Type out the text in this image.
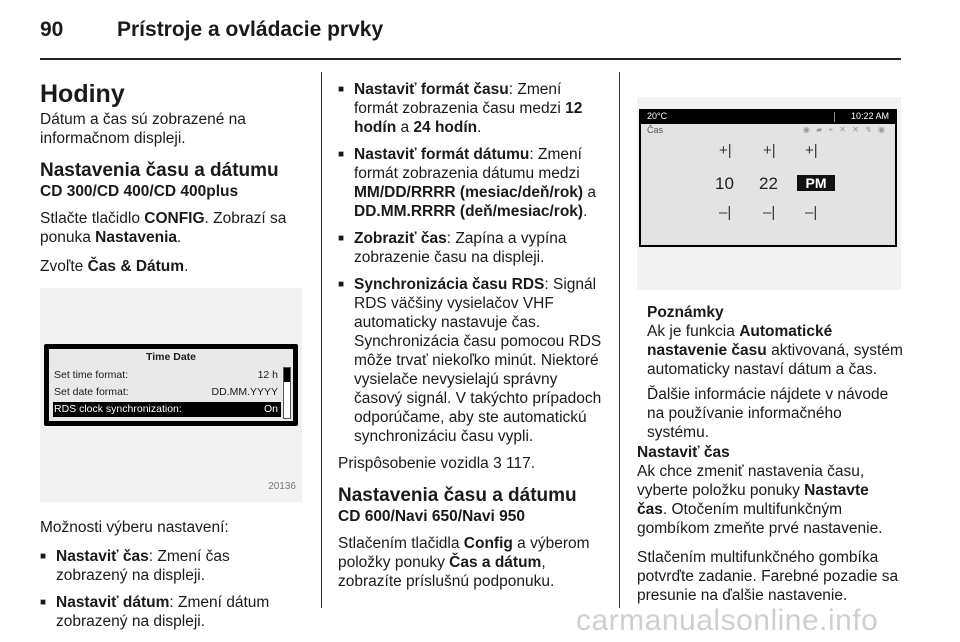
90	Prístroje a ovládacie prvky
Hodiny

Dátum a čas sú zobrazené na informačnom displeji.

Nastavenia času a dátumu
CD 300/CD 400/CD 400plus

Stlačte tlačidlo CONFIG. Zobrazí sa ponuka Nastavenia.

Zvoľte Čas & Dátum.

Time Date
Set time format:	12 h
Set date format:	DD.MM.YYYY
RDS clock synchronization:	On
20136

Možnosti výberu nastavení:

■ Nastaviť čas: Zmení čas zobrazený na displeji.
■ Nastaviť dátum: Zmení dátum zobrazený na displeji.
■ Nastaviť formát času: Zmení formát zobrazenia času medzi 12 hodín a 24 hodín.
■ Nastaviť formát dátumu: Zmení formát zobrazenia dátumu medzi MM/DD/RRRR (mesiac/deň/rok) a DD.MM.RRRR (deň/mesiac/rok).
■ Zobraziť čas: Zapína a vypína zobrazenie času na displeji.
■ Synchronizácia času RDS: Signál RDS väčšiny vysielačov VHF automaticky nastavuje čas. Synchronizácia času pomocou RDS môže trvať niekoľko minút. Niektoré vysielače nevysielajú správny časový signál. V takýchto prípadoch odporúčame, aby ste automatickú synchronizáciu času vypli.

Prispôsobenie vozidla 3 117.

Nastavenia času a dátumu
CD 600/Navi 650/Navi 950

Stlačením tlačidla Config a výberom položky ponuky Čas a dátum, zobrazíte príslušnú podponuku.

20°C	10:22 AM
Čas	◉ ▰ ⌖ ✕ ✕ ↯ ◉
+| +| +|
10 22	PM
–| –| –|

Poznámky

Ak je funkcia Automatické nastavenie času aktivovaná, systém automaticky nastaví dátum a čas.

Ďalšie informácie nájdete v návode na používanie informačného systému.

Nastaviť čas

Ak chce zmeniť nastavenia času, vyberte položku ponuky Nastavte čas. Otočením multifunkčným gombíkom zmeňte prvé nastavenie.

Stlačením multifunkčného gombíka potvrďte zadanie. Farebné pozadie sa presunie na ďalšie nastavenie.

carmanualsonline.info
